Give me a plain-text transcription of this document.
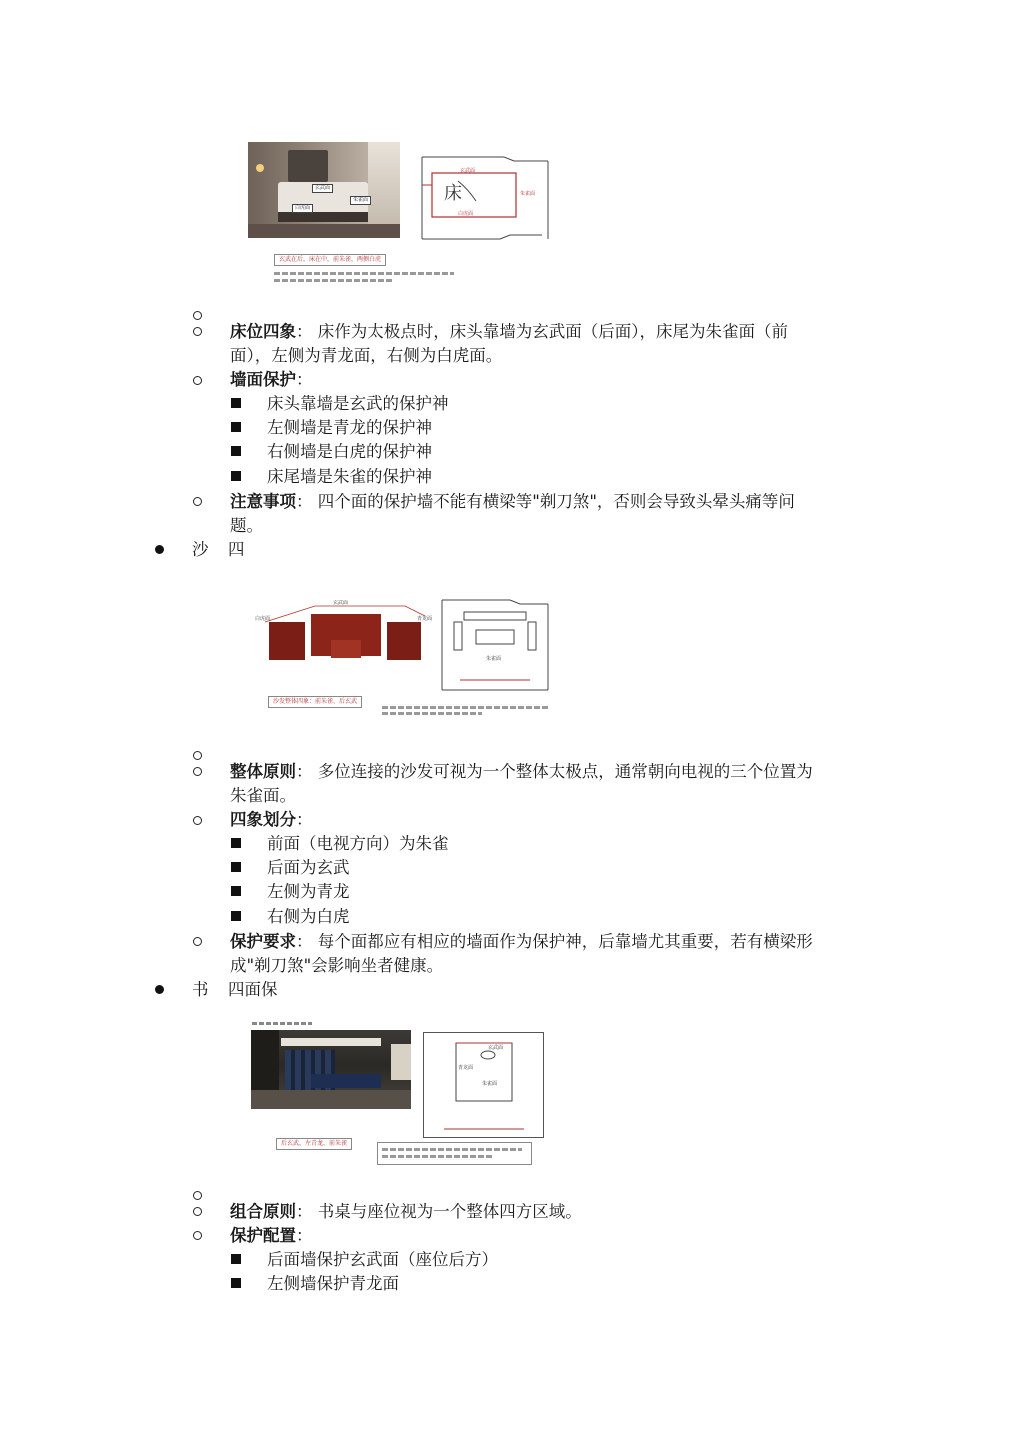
玄武面
白虎面
朱雀面
玄武面
朱雀面
白虎面
床
玄武在后，床在中，前朱雀，两侧白虎
床位四象： 床作为太极点时，床头靠墙为玄武面（后面），床尾为朱雀面（前
面），左侧为青龙面，右侧为白虎面。
墙面保护：
床头靠墙是玄武的保护神
左侧墙是青龙的保护神
右侧墙是白虎的保护神
床尾墙是朱雀的保护神
注意事项： 四个面的保护墙不能有横梁等"剃刀煞"，否则会导致头晕头痛等问
题。
沙 四
玄武面
白虎面	青龙面
朱雀面
沙发整体四象：前朱雀、后玄武
整体原则： 多位连接的沙发可视为一个整体太极点，通常朝向电视的三个位置为
朱雀面。
四象划分：
前面（电视方向）为朱雀
后面为玄武
左侧为青龙
右侧为白虎
保护要求： 每个面都应有相应的墙面作为保护神，后靠墙尤其重要，若有横梁形
成"剃刀煞"会影响坐者健康。
书 四面保
玄武面
青龙面
朱雀面
后玄武，左青龙，前朱雀
组合原则： 书桌与座位视为一个整体四方区域。
保护配置：
后面墙保护玄武面（座位后方）
左侧墙保护青龙面
